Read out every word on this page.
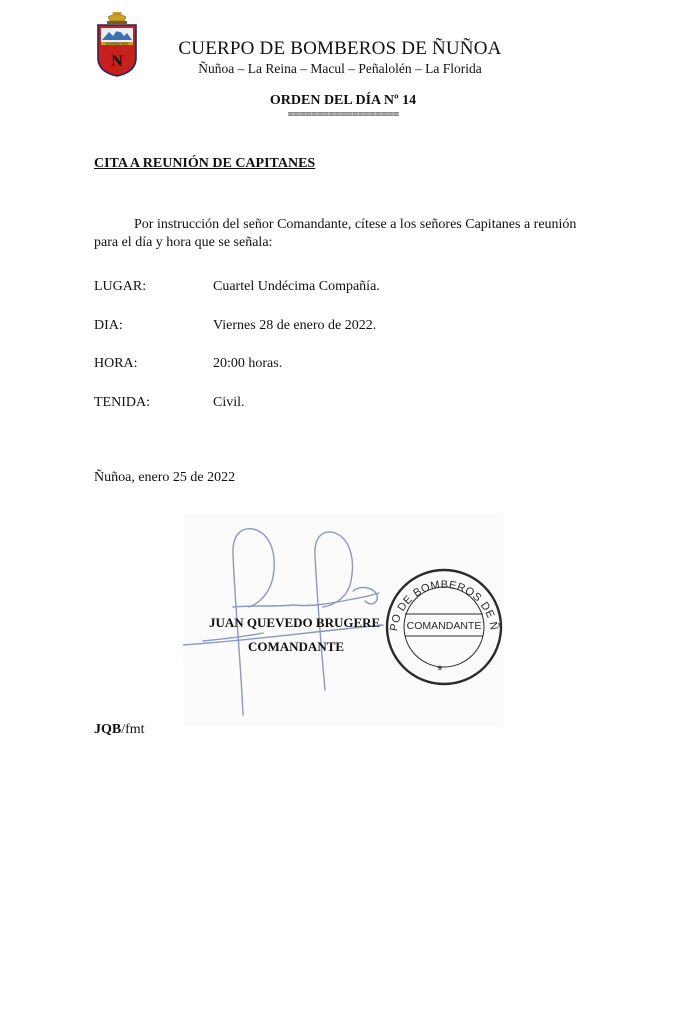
SALVANDO VIDAS
N
CUERPO DE BOMBEROS DE ÑUÑOA
Ñuñoa – La Reina – Macul – Peñalolén – La Florida
ORDEN DEL DÍA Nº 14
===================
CITA A REUNIÓN DE CAPITANES
Por instrucción del señor Comandante, cítese a los señores Capitanes a reunión para el día y hora que se señala:
LUGAR:	Cuartel Undécima Compañía.
DIA:	Viernes 28 de enero de 2022.
HORA:	20:00 horas.
TENIDA:	Civil.
Ñuñoa, enero 25 de 2022
PO DE BOMBEROS DE Ñ
COMANDANTE
*
JUAN QUEVEDO BRUGERE
COMANDANTE
JQB/fmt
